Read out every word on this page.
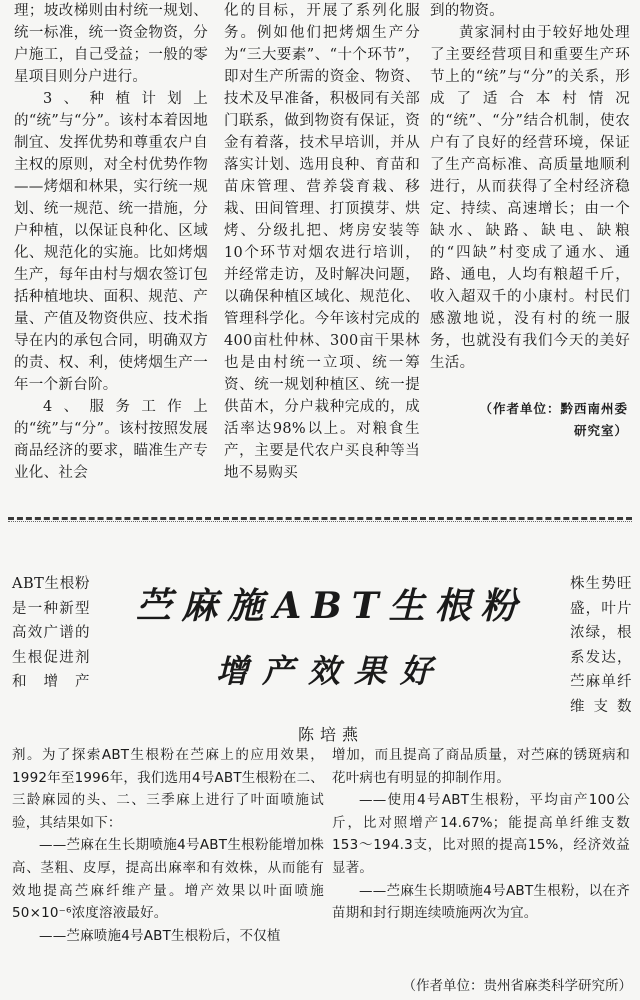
理；坡改梯则由村统一规划、统一标准，统一资金物资，分户施工，自己受益；一般的零星项目则分户进行。

3、种植计划上的“统”与“分”。该村本着因地制宜、发挥优势和尊重农户自主权的原则，对全村优势作物——烤烟和林果，实行统一规划、统一规范、统一措施，分户种植，以保证良种化、区域化、规范化的实施。比如烤烟生产，每年由村与烟农签订包括种植地块、面积、规范、产量、产值及物资供应、技术指导在内的承包合同，明确双方的责、权、利，使烤烟生产一年一个新台阶。

4、服务工作上的“统”与“分”。该村按照发展商品经济的要求，瞄准生产专业化、社会

化的目标，开展了系列化服务。例如他们把烤烟生产分为“三大要素”、“十个环节”，即对生产所需的资金、物资、技术及早准备，积极同有关部门联系，做到物资有保证，资金有着落，技术早培训，并从落实计划、选用良种、育苗和苗床管理、营养袋育栽、移栽、田间管理、打顶摸芽、烘烤、分级扎把、烤房安装等10个环节对烟农进行培训，并经常走访，及时解决问题，以确保种植区域化、规范化、管理科学化。今年该村完成的400亩杜仲林、300亩干果林也是由村统一立项、统一筹资、统一规划种植区、统一提供苗木，分户栽种完成的，成活率达98%以上。对粮食生产，主要是代农户买良种等当地不易购买

到的物资。

黄家洞村由于较好地处理了主要经营项目和重要生产环节上的“统”与“分”的关系，形成了适合本村情况的“统”、“分”结合机制，使农户有了良好的经营环境，保证了生产高标准、高质量地顺利进行，从而获得了全村经济稳定、持续、高速增长；由一个缺水、缺路、缺电、缺粮的“四缺”村变成了通水、通路、通电，人均有粮超千斤，收入超双千的小康村。村民们感激地说，没有村的统一服务，也就没有我们今天的美好生活。

（作者单位：黔西南州委研究室）
ABT生根粉是一种新型高效广谱的生根促进剂和增产
株生势旺盛，叶片浓绿，根系发达，苎麻单纤维支数
苎麻施ABT生根粉
增产效果好
陈培燕

剂。为了探索ABT生根粉在苎麻上的应用效果，1992年至1996年，我们选用4号ABT生根粉在二、三龄麻园的头、二、三季麻上进行了叶面喷施试验，其结果如下：

——苎麻在生长期喷施4号ABT生根粉能增加株高、茎粗、皮厚，提高出麻率和有效株，从而能有效地提高苎麻纤维产量。增产效果以叶面喷施50×10⁻⁶浓度溶液最好。

——苎麻喷施4号ABT生根粉后，不仅植

增加，而且提高了商品质量，对苎麻的锈斑病和花叶病也有明显的抑制作用。

——使用4号ABT生根粉，平均亩产100公斤，比对照增产14.67%；能提高单纤维支数153～194.3支，比对照的提高15%，经济效益显著。

——苎麻生长期喷施4号ABT生根粉，以在齐苗期和封行期连续喷施两次为宜。

（作者单位：贵州省麻类科学研究所）
